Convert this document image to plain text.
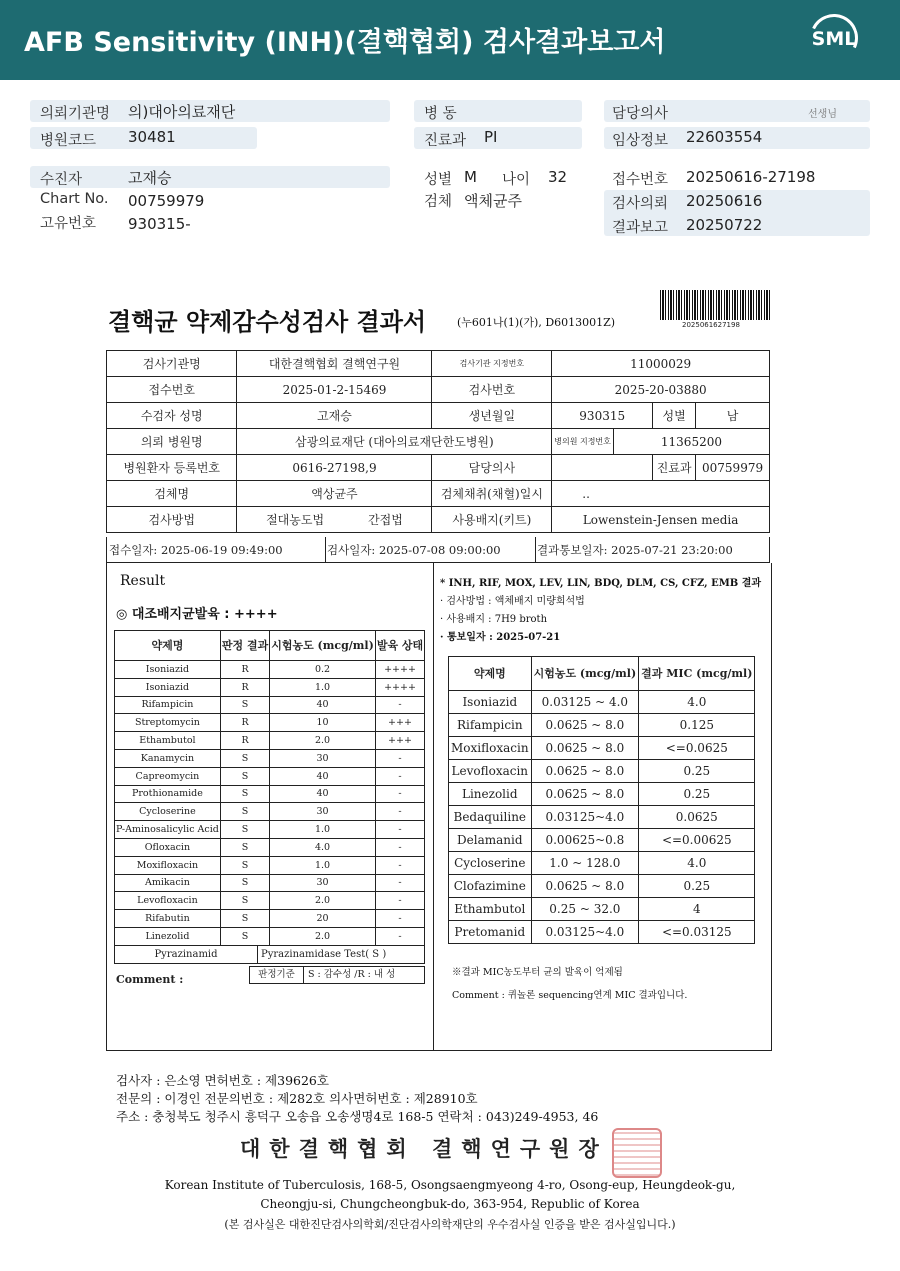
AFB Sensitivity (INH)(결핵협회) 검사결과보고서	SML
의뢰기관명 의)대아의료재단
병원코드 30481
병 동
진료과 PI
담당의사	선생님
임상정보 22603554
수진자	고재승
Chart No. 00759979
고유번호 930315-
성별 M 나이 32
검체 액체균주
접수번호 20250616-27198
검사의뢰 20250616
결과보고 20250722
결핵균 약제감수성검사 결과서	(누601나(1)(가), D6013001Z)	2025061627198
검사기관명	대한결핵협회 결핵연구원	검사기관 지정번호	11000029			
접수번호	2025-01-2-15469	검사번호	2025-20-03880			
수검자 성명	고재승	생년월일	930315		성별	남
의뢰 병원명	삼광의료재단 (대아의료재단한도병원)		병의원 지정번호	11365200		
병원환자 등록번호	0616-27198,9	담당의사			진료과	00759979
검체명	액상균주	검체채취(채혈)일시	..			
검사방법	절대농도법 간접법	사용배지(키트)	Lowenstein-Jensen media			
접수일자: 2025-06-19 09:49:00	검사일자: 2025-07-08 09:00:00	결과통보일자: 2025-07-21 23:20:00
Result
◎ 대조배지균발육 : ++++
약제명	판정 결과	시험농도 (mcg/ml)	발육 상태
Isoniazid	R	0.2	++++
Isoniazid	R	1.0	++++
Rifampicin	S	40	-
Streptomycin	R	10	+++
Ethambutol	R	2.0	+++
Kanamycin	S	30	-
Capreomycin	S	40	-
Prothionamide	S	40	-
Cycloserine	S	30	-
P-Aminosalicylic Acid	S	1.0	-
Ofloxacin	S	4.0	-
Moxifloxacin	S	1.0	-
Amikacin	S	30	-
Levofloxacin	S	2.0	-
Rifabutin	S	20	-
Linezolid	S	2.0	-
Pyrazinamid	Pyrazinamidase Test( S )
Comment :	판정기준	S : 감수성 /R : 내 성
* INH, RIF, MOX, LEV, LIN, BDQ, DLM, CS, CFZ, EMB 결과
· 검사방법 : 액체배지 미량희석법
· 사용배지 : 7H9 broth
· 통보일자 : 2025-07-21
약제명	시험농도 (mcg/ml)	결과 MIC (mcg/ml)
Isoniazid	0.03125 ~ 4.0	4.0
Rifampicin	0.0625 ~ 8.0	0.125
Moxifloxacin	0.0625 ~ 8.0	<=0.0625
Levofloxacin	0.0625 ~ 8.0	0.25
Linezolid	0.0625 ~ 8.0	0.25
Bedaquiline	0.03125~4.0	0.0625
Delamanid	0.00625~0.8	<=0.00625
Cycloserine	1.0 ~ 128.0	4.0
Clofazimine	0.0625 ~ 8.0	0.25
Ethambutol	0.25 ~ 32.0	4
Pretomanid	0.03125~4.0	<=0.03125
※결과 MIC농도부터 균의 발육이 억제됨
Comment : 퀴놀론 sequencing연계 MIC 결과입니다.
검사자 : 은소영 면허번호 : 제39626호
전문의 : 이경인 전문의번호 : 제282호 의사면허번호 : 제28910호
주소 : 충청북도 청주시 흥덕구 오송읍 오송생명4로 168-5 연락처 : 043)249-4953, 46
대한결핵협회 결핵연구원장
Korean Institute of Tuberculosis, 168-5, Osongsaengmyeong 4-ro, Osong-eup, Heungdeok-gu,
Cheongju-si, Chungcheongbuk-do, 363-954, Republic of Korea
(본 검사실은 대한진단검사의학회/진단검사의학재단의 우수검사실 인증을 받은 검사실입니다.)
